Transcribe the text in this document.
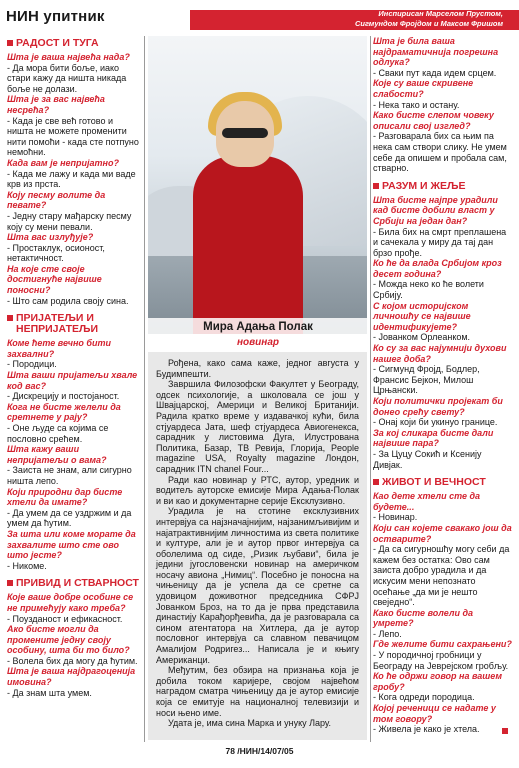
НИН упитник	Инспирисан Марселом Прустом,
Сигмундом Фројдом и Максом Фришом
РАДОСТ И ТУГА

Шта је ваша највећа нада?

- Да мора бити боље, иако стари кажу да ништа никада боље не долази.

Шта је за вас највећа несрећа?

- Када је све већ готово и ништа не можете променити нити помоћи - када сте потпуно немоћни.

Када вам је непријатно?

- Када ме лажу и када ми ваде крв из прста.

Коју песму волите да певате?

- Једну стару мађарску песму коју су мени певали.

Шта вас излуђује?

- Простаклук, осионост, нетактичност.

На које сте своје достигнуће највише поносни?

- Што сам родила своју сина.

ПРИЈАТЕЉИ И НЕПРИЈАТЕЉИ

Коме ћете вечно бити захвални?

- Породици.

Шта ваши пријатељи хвале код вас?

- Дискрецију и постојаност.

Кога не бисте желели да сретнете у рају?

- Оне људе са којима се пословно срећем.

Шта кажу ваши непријатељи о вама?

- Заиста не знам, али сигурно ништа лепо.

Који природни дар бисте хтели да имате?

- Да умем да се уздржим и да умем да ћутим.

За шта или коме морате да захвалите што сте ово што јесте?

- Никоме.

ПРИВИД И СТВАРНОСТ

Које ваше добре особине се не примећују како треба?

- Поузданост и ефикасност.

Ако бисте могли да промените једну своју особину, шта би то било?

- Волела бих да могу да ћутим.

Шта је ваша најдрагоценија имовина?

- Да знам шта умем.

Мира Адања Полак
новинар

Рођена, како сама каже, једног августа у Будимпешти.

Завршила Филозофски Факултет у Београду, одсек психологије, а школовала се још у Швајцарској, Америци и Великој Британији. Радила кратко време у издавачкој кући, била стјуардеса Јата, шеф стјуардеса Авиогенекса, сарадник у листовима Дуга, Илустрована Политика, Базар, ТВ Ревија, Глорија, People magazine USA, Royalty magazine Лондон, сарадник ITN chanel Four...

Ради као новинар у РТС, аутор, уредник и водитељ ауторске емисије Мира Адања-Полак и ви као и документарне серије Ексклузивно.

Урадила је на стотине ексклузивних интервјуа са најзначајнијим, најзанимљивијим и најатрактивнијим личностима из света политике и културе, али је и аутор првог интервјуа са оболелима од сиде, „Ризик љубави“, била је једини југословенски новинар на америчком носачу авиона „Нимиц“. Посебно је поносна на чињеницу да је успела да се сретне са удовицом доживотног председника СФРЈ Јованком Броз, на то да је прва представила династију Карађорђевића, да је разговарала са сином атентатора на Хитлера, да је аутор пословног интервјуа са славном певачицом Амалијом Родригез... Написала је и књигу Американци.

Међутим, без обзира на признања која је добила током каријере, својом највећом наградом сматра чињеницу да је аутор емисије која се емитује на националној телевизији и носи њено име.

Удата је, има сина Марка и унуку Лару.

Шта је била ваша најдраматичнија погрешна одлука?

- Сваки пут када идем срцем.

Које су ваше скривене слабости?

- Нека тако и остану.

Како бисте слепом човеку описали свој изглед?

- Разговарала бих са њим па нека сам створи слику. Не умем себе да опишем и пробала сам, стварно.

РАЗУМ И ЖЕЉЕ

Шта бисте најпре урадили кад бисте добили власт у Србији на један дан?

- Била бих на смрт преплашена и сачекала у миру да тај дан брзо прође.

Ко ће да влада Србијом кроз десет година?

- Можда неко ко ће волети Србију.

С којом историјском личношћу се највише идентификујете?

- Јованком Орлеанком.

Ко су за вас најумнији духови нашег доба?

- Сигмунд Фројд, Бодлер, Франсис Бејкон, Милош Црњански.

Који политички пројекат би донео срећу свету?

- Онај који би укинуо границе.

За кој сликара бисте дали највише пара?

- За Цуцу Сокић и Ксенију Дивјак.

ЖИВОТ И ВЕЧНОСТ

Као дете хтели сте да будете...

- Новинар.

Који сан којете свакако још да остварите?

- Да са сигурношћу могу себи да кажем без остатка: Ово сам заиста добро урадила и да искусим мени непознато осећање „да ми је нешто свеједно“.

Како бисте волели да умрете?

- Лепо.

Где желите бити сахрањени?

- У породичној гробници у Београду на Јеврејском гробљу.

Ко ће одржи говор на вашем гробу?

- Кога одреди породица.

Којој реченици се надате у том говору?

- Живела је како је хтела.

78 /НИН/14/07/05
